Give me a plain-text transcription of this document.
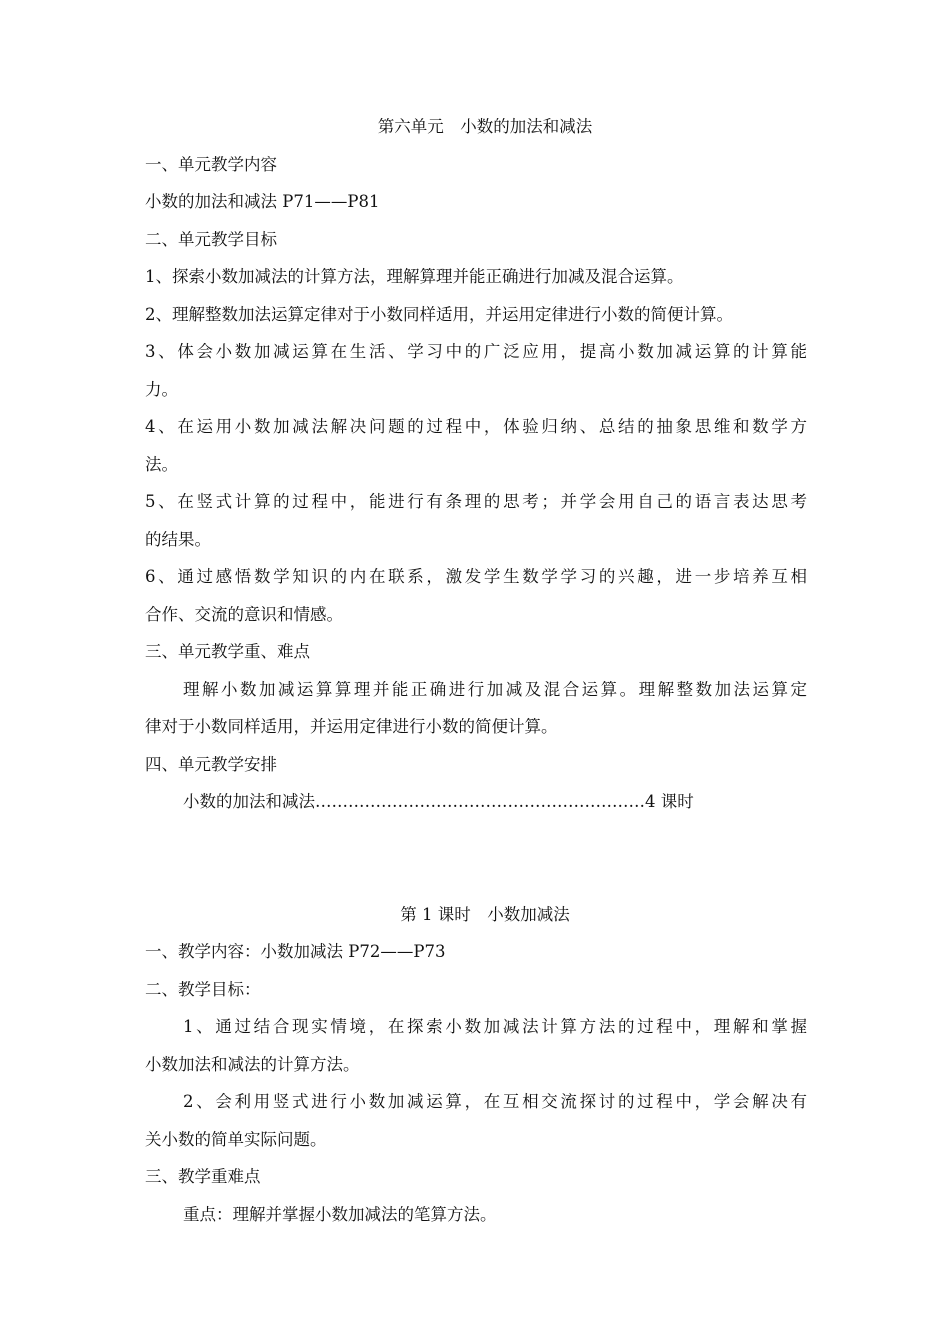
第六单元　小数的加法和减法
一、单元教学内容
小数的加法和减法 P71——P81
二、单元教学目标
1、探索小数加减法的计算方法，理解算理并能正确进行加减及混合运算。
2、理解整数加法运算定律对于小数同样适用，并运用定律进行小数的简便计算。
3、体会小数加减运算在生活、学习中的广泛应用，提高小数加减运算的计算能
力。
4、在运用小数加减法解决问题的过程中，体验归纳、总结的抽象思维和数学方
法。
5、在竖式计算的过程中，能进行有条理的思考；并学会用自己的语言表达思考
的结果。
6、通过感悟数学知识的内在联系，激发学生数学学习的兴趣，进一步培养互相
合作、交流的意识和情感。
三、单元教学重、难点
理解小数加减运算算理并能正确进行加减及混合运算。理解整数加法运算定
律对于小数同样适用，并运用定律进行小数的简便计算。
四、单元教学安排
小数的加法和减法……………………………………………………4 课时
第 1 课时　小数加减法
一、教学内容：小数加减法 P72——P73
二、教学目标：
1、通过结合现实情境，在探索小数加减法计算方法的过程中，理解和掌握
小数加法和减法的计算方法。
2、会利用竖式进行小数加减运算，在互相交流探讨的过程中，学会解决有
关小数的简单实际问题。
三、教学重难点
重点：理解并掌握小数加减法的笔算方法。
